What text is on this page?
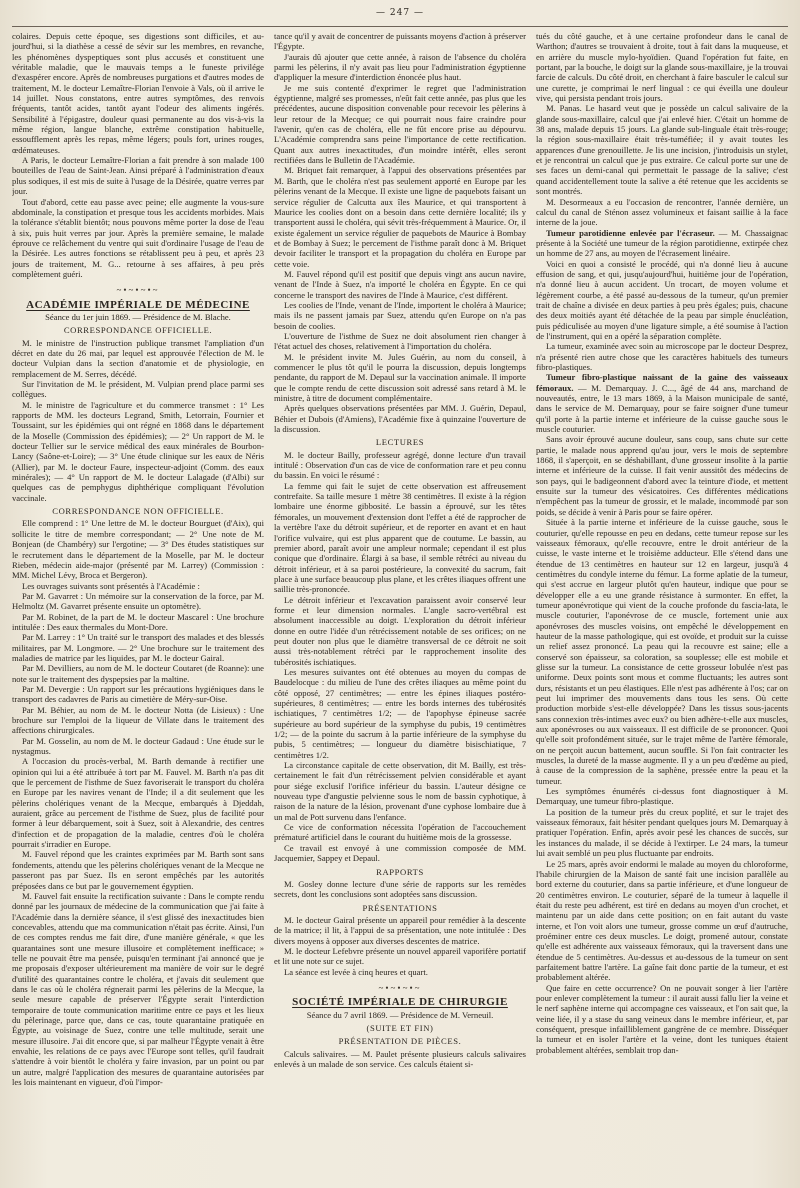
— 247 —

colaires. Depuis cette époque, ses digestions sont difficiles, et au-jourd'hui, si la diathèse a cessé de sévir sur les membres, en revanche, les phénomènes dyspeptiques sont plus accusés et constituent une véritable maladie, que le mauvais temps a le funeste privilége d'exaspérer encore. Après de nombreuses purgations et d'autres modes de traitement, M. le docteur Lemaître-Florian l'envoie à Vals, où il arrive le 14 juillet. Nous constatons, entre autres symptômes, des renvois fréquents, tantôt acides, tantôt ayant l'odeur des aliments ingérés. Sensibilité à l'épigastre, douleur quasi permanente au dos vis-à-vis la même région, langue blanche, extrême constipation habituelle, essoufflement après les repas, même légers; pouls fort, urines rouges, œdémateuses.

A Paris, le docteur Lemaître-Florian a fait prendre à son malade 100 bouteilles de l'eau de Saint-Jean. Ainsi préparé à l'administration d'eaux plus sodiques, il est mis de suite à l'usage de la Désirée, quatre verres par jour.

Tout d'abord, cette eau passe avec peine; elle augmente la vous-sure abdominale, la constipation et presque tous les accidents morbides. Mais la tolérance s'établit bientôt; nous pouvons même porter la dose de l'eau à six, puis huit verres par jour. Après la première semaine, le malade éprouve ce relâchement du ventre qui suit d'ordinaire l'usage de l'eau de la Désirée. Les autres fonctions se rétablissent peu à peu, et après 23 jours de traitement, M. G... retourne à ses affaires, à peu près complètement guéri.

~•~•~•~
ACADÉMIE IMPÉRIALE DE MÉDECINE

Séance du 1er juin 1869. — Présidence de M. Blache.

CORRESPONDANCE OFFICIELLE.

M. le ministre de l'instruction publique transmet l'ampliation d'un décret en date du 26 mai, par lequel est approuvée l'élection de M. le docteur Vulpian dans la section d'anatomie et de physiologie, en remplacement de M. Serres, décédé.

Sur l'invitation de M. le président, M. Vulpian prend place parmi ses collègues.

M. le ministre de l'agriculture et du commerce transmet : 1° Les rapports de MM. les docteurs Legrand, Smith, Letorrain, Fournier et Toussaint, sur les épidémies qui ont régné en 1868 dans le département de la Moselle (Commission des épidémies); — 2° Un rapport de M. le docteur Tellier sur le service médical des eaux minérales de Bourbon-Lancy (Saône-et-Loire); — 3° Une étude clinique sur les eaux de Néris (Allier), par M. le docteur Faure, inspecteur-adjoint (Comm. des eaux minérales); — 4° Un rapport de M. le docteur Lalagade (d'Albi) sur quelques cas de pemphygus diphthérique compliquant l'évolution vaccinale.

CORRESPONDANCE NON OFFICIELLE.

Elle comprend : 1° Une lettre de M. le docteur Bourguet (d'Aix), qui sollicite le titre de membre correspondant; — 2° Une note de M. Bonjean (de Chambéry) sur l'ergotine; — 3° Des études statistiques sur le recrutement dans le département de la Moselle, par M. le docteur Rieben, médecin aide-major (présenté par M. Larrey) (Commission : MM. Michel Lévy, Broca et Bergeron).

Les ouvrages suivants sont présentés à l'Académie :

Par M. Gavarret : Un mémoire sur la conservation de la force, par M. Helmoltz (M. Gavarret présente ensuite un optomètre).

Par M. Robinet, de la part de M. le docteur Mascarel : Une brochure intitulée : Des eaux thermales du Mont-Dore.

Par M. Larrey : 1° Un traité sur le transport des malades et des blessés militaires, par M. Longmore. — 2° Une brochure sur le traitement des maladies de matrice par les liquides, par M. le docteur Gairal.

Par M. Devilliers, au nom de M. le docteur Coutaret (de Roanne): une note sur le traitement des dyspepsies par la maltine.

Par M. Devergie : Un rapport sur les précautions hygiéniques dans le transport des cadavres de Paris au cimetière de Méry-sur-Oise.

Par M. Béhier, au nom de M. le docteur Notta (de Lisieux) : Une brochure sur l'emploi de la liqueur de Villate dans le traitement des affections chirurgicales.

Par M. Gosselin, au nom de M. le docteur Gadaud : Une étude sur le nystagmus.

A l'occasion du procès-verbal, M. Barth demande à rectifier une opinion qui lui a été attribuée à tort par M. Fauvel. M. Barth n'a pas dit que le percement de l'isthme de Suez favoriserait le transport du choléra en Europe par les navires venant de l'Inde; il a dit seulement que les pèlerins cholériques venant de la Mecque, embarqués à Djeddah, auraient, grâce au percement de l'isthme de Suez, plus de facilité pour former à leur débarquement, soit à Suez, soit à Alexandrie, des centres d'infection et de propagation de la maladie, centres d'où le choléra pourrait s'irradier en Europe.

M. Fauvel répond que les craintes exprimées par M. Barth sont sans fondements, attendu que les pèlerins cholériques venant de la Mecque ne passeront pas par Suez. Ils en seront empêchés par les autorités préposées dans ce but par le gouvernement égyptien.

M. Fauvel fait ensuite la rectification suivante : Dans le compte rendu donné par les journaux de médecine de la communication que j'ai faite à l'Académie dans la dernière séance, il s'est glissé des inexactitudes bien concevables, attendu que ma communication n'était pas écrite. Ainsi, l'un de ces comptes rendus me fait dire, d'une manière générale, « que les quarantaines sont une mesure illusoire et complètement inefficace; » telle ne pouvait être ma pensée, puisqu'en terminant j'ai annoncé que je me proposais d'exposer ultérieurement ma manière de voir sur le degré d'utilité des quarantaines contre le choléra, et j'avais dit seulement que dans le cas où le choléra régnerait parmi les pèlerins de la Mecque, la seule mesure capable de préserver l'Égypte serait l'interdiction temporaire de toute communication maritime entre ce pays et les lieux du pèlerinage, parce que, dans ce cas, toute quarantaine pratiquée en Égypte, au voisinage de Suez, contre une telle multitude, serait une mesure illusoire. J'ai dit encore que, si par malheur l'Égypte venait à être envahie, les relations de ce pays avec l'Europe sont telles, qu'il faudrait s'attendre à voir bientôt le choléra y faire invasion, par un point ou par un autre, malgré l'application des mesures de quarantaine autorisées par les lois maintenant en vigueur, d'où l'impor-

tance qu'il y avait de concentrer de puissants moyens d'action à préserver l'Égypte.

J'aurais dû ajouter que cette année, à raison de l'absence du choléra parmi les pèlerins, il n'y avait pas lieu pour l'administration égyptienne d'appliquer la mesure d'interdiction énoncée plus haut.

Je me suis contenté d'exprimer le regret que l'administration égyptienne, malgré ses promesses, n'eût fait cette année, pas plus que les précédentes, aucune disposition convenable pour recevoir les pèlerins à leur retour de la Mecque; ce qui pourrait nous faire craindre pour l'avenir, qu'en cas de choléra, elle ne fût encore prise au dépourvu. L'Académie comprendra sans peine l'importance de cette rectification. Quant aux autres inexactitudes, d'un moindre intérêt, elles seront rectifiées dans le Bulletin de l'Académie.

M. Briquet fait remarquer, à l'appui des observations présentées par M. Barth, que le choléra n'est pas seulement apporté en Europe par les pèlerins venant de la Mecque. Il existe une ligne de paquebots faisant un service régulier de Calcutta aux îles Maurice, et qui transportent à Maurice les coolies dont on a besoin dans cette dernière localité; ils y transportent aussi le choléra, qui sévit très-fréquemment à Maurice. Or, il existe également un service régulier de paquebots de Maurice à Bombay et de Bombay à Suez; le percement de l'isthme paraît donc à M. Briquet devoir faciliter le transport et la propagation du choléra en Europe par cette voie.

M. Fauvel répond qu'il est positif que depuis vingt ans aucun navire, venant de l'Inde à Suez, n'a importé le choléra en Égypte. En ce qui concerne le transport des navires de l'Inde à Maurice, c'est différent.

Les coolies de l'Inde, venant de l'Inde, importent le choléra à Maurice; mais ils ne passent jamais par Suez, attendu qu'en Europe on n'a pas besoin de coolies.

L'ouverture de l'isthme de Suez ne doit absolument rien changer à l'état actuel des choses, relativement à l'importation du choléra.

M. le président invite M. Jules Guérin, au nom du conseil, à commencer le plus tôt qu'il le pourra la discussion, depuis longtemps pendante, du rapport de M. Depaul sur la vaccination animale. Il importe que le compte rendu de cette discussion soit adressé sans retard à M. le ministre, à titre de document complémentaire.

Après quelques observations présentées par MM. J. Guérin, Depaul, Béhier et Dubois (d'Amiens), l'Académie fixe à quinzaine l'ouverture de la discussion.

LECTURES

M. le docteur Bailly, professeur agrégé, donne lecture d'un travail intitulé : Observation d'un cas de vice de conformation rare et peu connu du bassin. En voici le résumé :

La femme qui fait le sujet de cette observation est affreusement contrefaite. Sa taille mesure 1 mètre 38 centimètres. Il existe à la région lombaire une énorme gibbosité. Le bassin a éprouvé, sur les têtes fémorales, un mouvement d'extension dont l'effet a été de rapprocher de la vertèbre l'axe du détroit supérieur, et de reporter en avant et en haut l'orifice vulvaire, qui est plus apparent que de coutume. Le bassin, au premier abord, paraît avoir une ampleur normale; cependant il est plus conique que d'ordinaire. Élargi à sa base, il semble rétréci au niveau du détroit inférieur, et à sa paroi postérieure, la convexité du sacrum, fait place à une surface beaucoup plus plane, et les crêtes iliaques offrent une saillie très-prononcée.

Le détroit inférieur et l'excavation paraissent avoir conservé leur forme et leur dimension normales. L'angle sacro-vertébral est absolument inaccessible au doigt. L'exploration du détroit inférieur donne en outre l'idée d'un rétrécissement notable de ses orifices; on ne peut douter non plus que le diamètre transversal de ce détroit ne soit aussi très-notablement rétréci par le rapprochement insolite des tubérosités ischiatiques.

Les mesures suivantes ont été obtenues au moyen du compas de Baudelocque : du milieu de l'une des crêtes iliaques au même point du côté opposé, 27 centimètres; — entre les épines iliaques postéro-supérieures, 8 centimètres; — entre les bords internes des tubérosités ischiatiques, 7 centimètres 1/2; — de l'apophyse épineuse sacrée supérieure au bord supérieur de la symphyse du pubis, 19 centimètres 1/2; — de la pointe du sacrum à la partie inférieure de la symphyse du pubis, 5 centimètres; — longueur du diamètre bisischiatique, 7 centimètres 1/2.

La circonstance capitale de cette observation, dit M. Bailly, est très-certainement le fait d'un rétrécissement pelvien considérable et ayant pour siége exclusif l'orifice inférieur du bassin. L'auteur désigne ce nouveau type d'angustie pelvienne sous le nom de bassin cyphotique, à raison de la nature de la lésion, provenant d'une cyphose lombaire due à un mal de Pott survenu dans l'enfance.

Ce vice de conformation nécessita l'opération de l'accouchement prématuré artificiel dans le courant du huitième mois de la grossesse.

Ce travail est envoyé à une commission composée de MM. Jacquemier, Sappey et Depaul.

RAPPORTS

M. Gosley donne lecture d'une série de rapports sur les remèdes secrets, dont les conclusions sont adoptées sans discussion.

PRÉSENTATIONS

M. le docteur Gairal présente un appareil pour remédier à la descente de la matrice; il lit, à l'appui de sa présentation, une note intitulée : Des divers moyens à opposer aux diverses descentes de matrice.

M. le docteur Lefebvre présente un nouvel appareil vaporifère portatif et lit une note sur ce sujet.

La séance est levée à cinq heures et quart.

~•~•~•~
SOCIÉTÉ IMPÉRIALE DE CHIRURGIE

Séance du 7 avril 1869. — Présidence de M. Verneuil.

(SUITE ET FIN)
PRÉSENTATION DE PIÈCES.

Calculs salivaires. — M. Paulet présente plusieurs calculs salivaires enlevés à un malade de son service. Ces calculs étaient si-

tués du côté gauche, et à une certaine profondeur dans le canal de Warthon; d'autres se trouvaient à droite, tout à fait dans la muqueuse, et en arrière du muscle mylo-hyoïdien. Quand l'opération fut faite, en portant, par la bouche, le doigt sur la glande sous-maxillaire, je la trouvai farcie de calculs. Du côté droit, en cherchant à faire basculer le calcul sur une curette, je comprimai le nerf lingual : ce qui éveilla une douleur vive, qui persista pendant trois jours.

M. Panas. Le hasard veut que je possède un calcul salivaire de la glande sous-maxillaire, calcul que j'ai enlevé hier. C'était un homme de 38 ans, malade depuis 15 jours. La glande sub-linguale était très-rouge; la région sous-maxillaire était très-tuméfiée; il y avait toutes les apparences d'une grenouillette. Je lis une incision, j'introduisis un stylet, et je rencontrai un calcul que je pus extraire. Ce calcul porte sur une de ses faces un demi-canal qui permettait le passage de la salive; c'est quand accidentellement toute la salive a été retenue que les accidents se sont montrés.

M. Desormeaux a eu l'occasion de rencontrer, l'année dernière, un calcul du canal de Sténon assez volumineux et faisant saillie à la face interne de la joue.

Tumeur parotidienne enlevée par l'écraseur. — M. Chassaignac présente à la Société une tumeur de la région parotidienne, extirpée chez un homme de 27 ans, au moyen de l'écrasement linéaire.

Voici en quoi a consisté le procédé, qui n'a donné lieu à aucune effusion de sang, et qui, jusqu'aujourd'hui, huitième jour de l'opération, n'a donné lieu à aucun accident. Un trocart, de moyen volume et légèrement courbe, a été passé au-dessous de la tumeur, qu'un premier trait de chaîne a divisée en deux parties à peu près égales; puis, chacune des deux moitiés ayant été détachée de la peau par simple énucléation, puis pédiculisée au moyen d'une ligature simple, a été soumise à l'action de l'instrument, qui en a opéré la séparation complète.

La tumeur, examinée avec soin au microscope par le docteur Desprez, n'a présenté rien autre chose que les caractères habituels des tumeurs fibro-plastiques.

Tumeur fibro-plastique naissant de la gaine des vaisseaux fémoraux. — M. Demarquay. J. C..., âgé de 44 ans, marchand de nouveautés, entre, le 13 mars 1869, à la Maison municipale de santé, dans le service de M. Demarquay, pour se faire soigner d'une tumeur qu'il porte à la partie interne et inférieure de la cuisse gauche sous le muscle couturier.

Sans avoir éprouvé aucune douleur, sans coup, sans chute sur cette partie, le malade nous apprend qu'au jour, vers le mois de septembre 1868, il s'aperçoit, en se déshabillant, d'une grosseur insolite à la partie interne et inférieure de la cuisse. Il fait venir aussitôt des médecins de son pays, qui le badigeonnent d'abord avec la teinture d'iode, et mettent ensuite sur la tumeur des vésicatoires. Ces différentes médications n'empêchent pas la tumeur de grossir, et le malade, incommodé par son poids, se décide à venir à Paris pour se faire opérer.

Située à la partie interne et inférieure de la cuisse gauche, sous le couturier, qu'elle repousse en peu en dedans, cette tumeur repose sur les vaisseaux fémoraux, qu'elle recouvre, entre le droit antérieur de la cuisse, le vaste interne et le troisième adducteur. Elle s'étend dans une étendue de 13 centimètres en hauteur sur 12 en largeur, jusqu'à 4 centimètres du condyle interne du fémur. La forme aplatie de la tumeur, qui s'est accrue en largeur plutôt qu'en hauteur, indique que pour se développer elle a eu une grande résistance à surmonter. En effet, la tumeur aponévrotique qui vient de la couche profonde du fascia-lata, le muscle couturier, l'aponévrose de ce muscle, fortement unie aux aponévroses des muscles voisins, ont empêché le développement en hauteur de la masse pathologique, qui est ovoïde, et produit sur la cuisse un relief assez prononcé. La peau qui la recouvre est saine; elle a conservé son épaisseur, sa coloration, sa souplesse; elle est mobile et glisse sur la tumeur. La consistance de cette grosseur lobulée n'est pas uniforme. Deux points sont mous et comme fluctuants; les autres sont durs, résistants et un peu élastiques. Elle n'est pas adhérente à l'os; car on peut lui imprimer des mouvements dans tous les sens. Où cette production morbide s'est-elle développée? Dans les tissus sous-jacents sans connexion très-intimes avec eux? ou bien adhère-t-elle aux muscles, aux aponévroses ou aux vaisseaux. Il est difficile de se prononcer. Quoi qu'elle soit profondément située, sur le trajet même de l'artère fémorale, on ne perçoit aucun battement, aucun souffle. Si l'on fait contracter les muscles, la dureté de la masse augmente. Il y a un peu d'œdème au pied, à cause de la compression de la saphène, pressée entre la peau et la tumeur.

Les symptômes énumérés ci-dessus font diagnostiquer à M. Demarquay, une tumeur fibro-plastique.

La position de la tumeur près du creux poplité, et sur le trajet des vaisseaux fémoraux, fait hésiter pendant quelques jours M. Demarquay à pratiquer l'opération. Enfin, après avoir pesé les chances de succès, sur les instances du malade, il se décide à l'extirper. Le 24 mars, la tumeur lui avait semblé un peu plus fluctuante par endroits.

Le 25 mars, après avoir endormi le malade au moyen du chloroforme, l'habile chirurgien de la Maison de santé fait une incision parallèle au bord externe du couturier, dans sa partie inférieure, et d'une longueur de 20 centimètres environ. Le couturier, séparé de la tumeur à laquelle il était du reste peu adhérent, est tiré en dedans au moyen d'un crochet, et maintenu par un aide dans cette position; on en fait autant du vaste interne, et l'on voit alors une tumeur, grosse comme un œuf d'autruche, proéminer entre ces deux muscles. Le doigt, promené autour, constate qu'elle est adhérente aux vaisseaux fémoraux, qui la traversent dans une étendue de 5 centimètres. Au-dessus et au-dessous de la tumeur on sent parfaitement battre l'artère. La gaîne fait donc partie de la tumeur, et est probablement altérée.

Que faire en cette occurrence? On ne pouvait songer à lier l'artère pour enlever complètement la tumeur : il aurait aussi fallu lier la veine et le nerf saphène interne qui accompagne ces vaisseaux, et l'on sait que, la veine liée, il y a stase du sang veineux dans le membre inférieur, et, par conséquent, presque infailliblement gangrène de ce membre. Disséquer la tumeur et en isoler l'artère et la veine, dont les tuniques étaient probablement altérées, semblait trop dan-
